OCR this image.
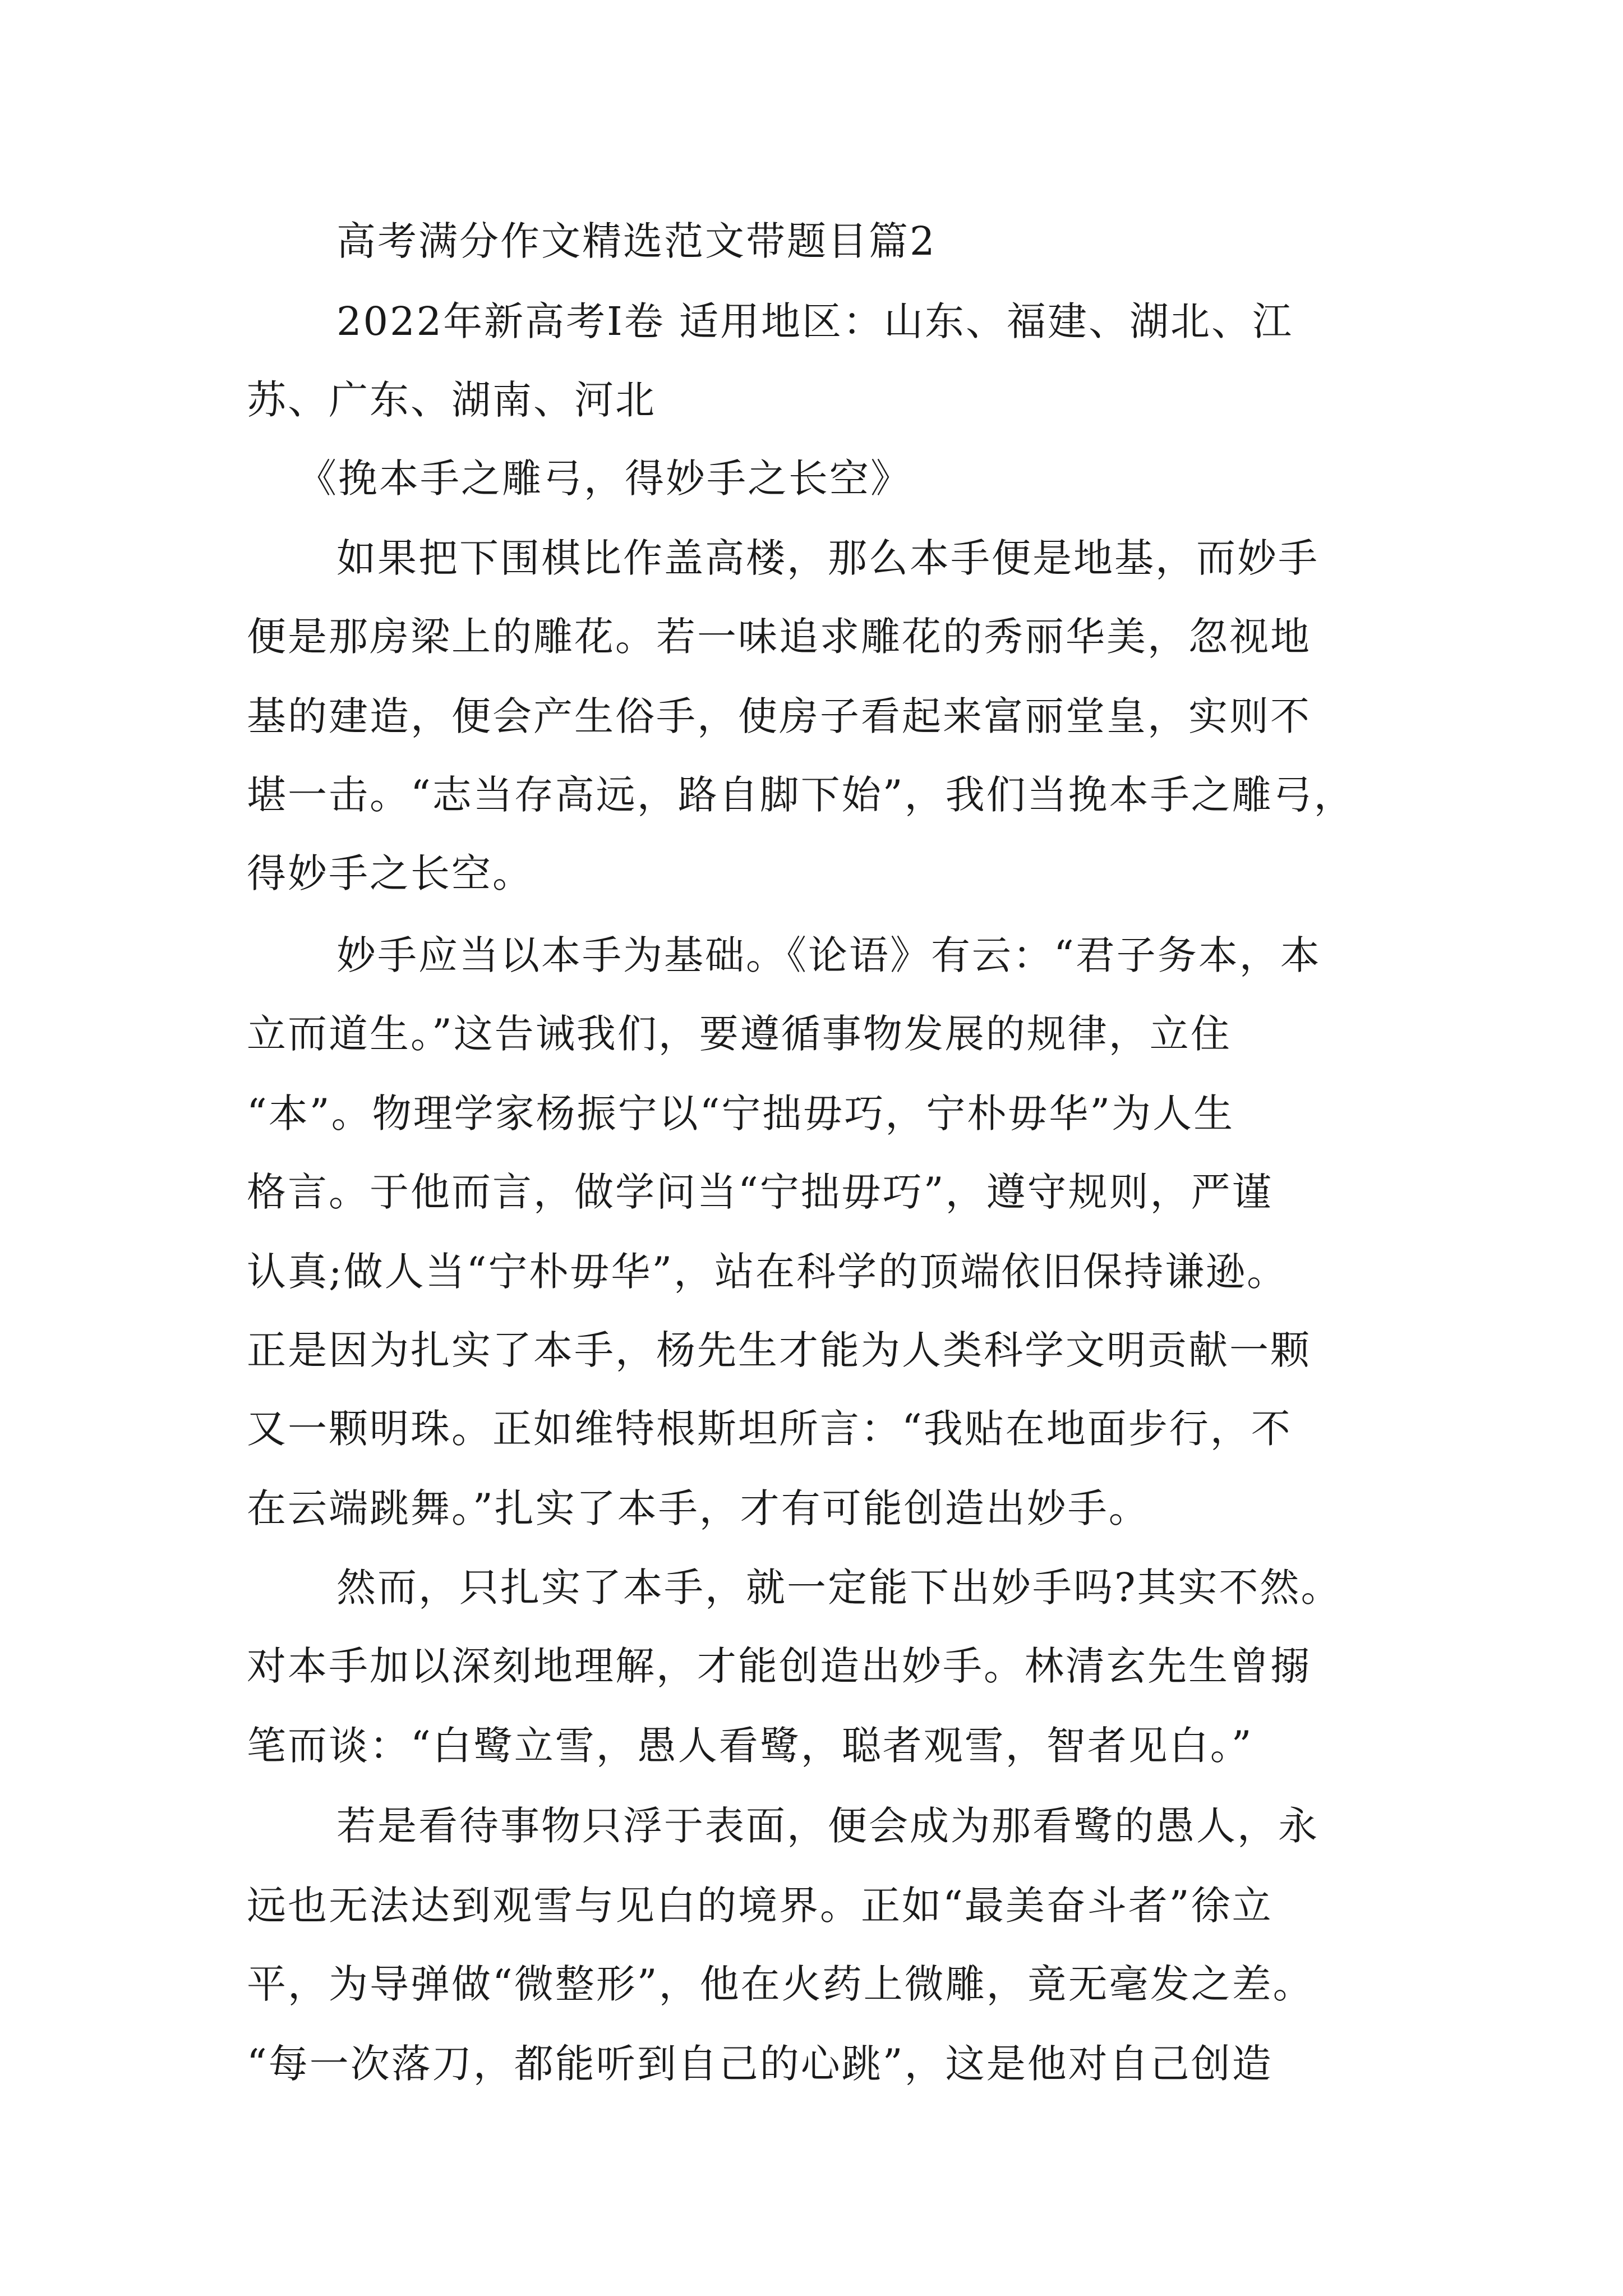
高考满分作文精选范文带题目篇2
2022年新高考Ⅰ卷 适用地区：山东、福建、湖北、江
苏、广东、湖南、河北
《挽本手之雕弓，得妙手之长空》
如果把下围棋比作盖高楼，那么本手便是地基，而妙手
便是那房梁上的雕花。若一味追求雕花的秀丽华美，忽视地
基的建造，便会产生俗手，使房子看起来富丽堂皇，实则不
堪一击。“志当存高远，路自脚下始”，我们当挽本手之雕弓，
得妙手之长空。
妙手应当以本手为基础。《论语》有云：“君子务本，本
立而道生。”这告诫我们，要遵循事物发展的规律，立住
“本”。物理学家杨振宁以“宁拙毋巧，宁朴毋华”为人生
格言。于他而言，做学问当“宁拙毋巧”，遵守规则，严谨
认真;做人当“宁朴毋华”，站在科学的顶端依旧保持谦逊。
正是因为扎实了本手，杨先生才能为人类科学文明贡献一颗
又一颗明珠。正如维特根斯坦所言：“我贴在地面步行，不
在云端跳舞。”扎实了本手，才有可能创造出妙手。
然而，只扎实了本手，就一定能下出妙手吗?其实不然。
对本手加以深刻地理解，才能创造出妙手。林清玄先生曾搦
笔而谈：“白鹭立雪，愚人看鹭，聪者观雪，智者见白。”
若是看待事物只浮于表面，便会成为那看鹭的愚人，永
远也无法达到观雪与见白的境界。正如“最美奋斗者”徐立
平，为导弹做“微整形”，他在火药上微雕，竟无毫发之差。
“每一次落刀，都能听到自己的心跳”，这是他对自己创造
